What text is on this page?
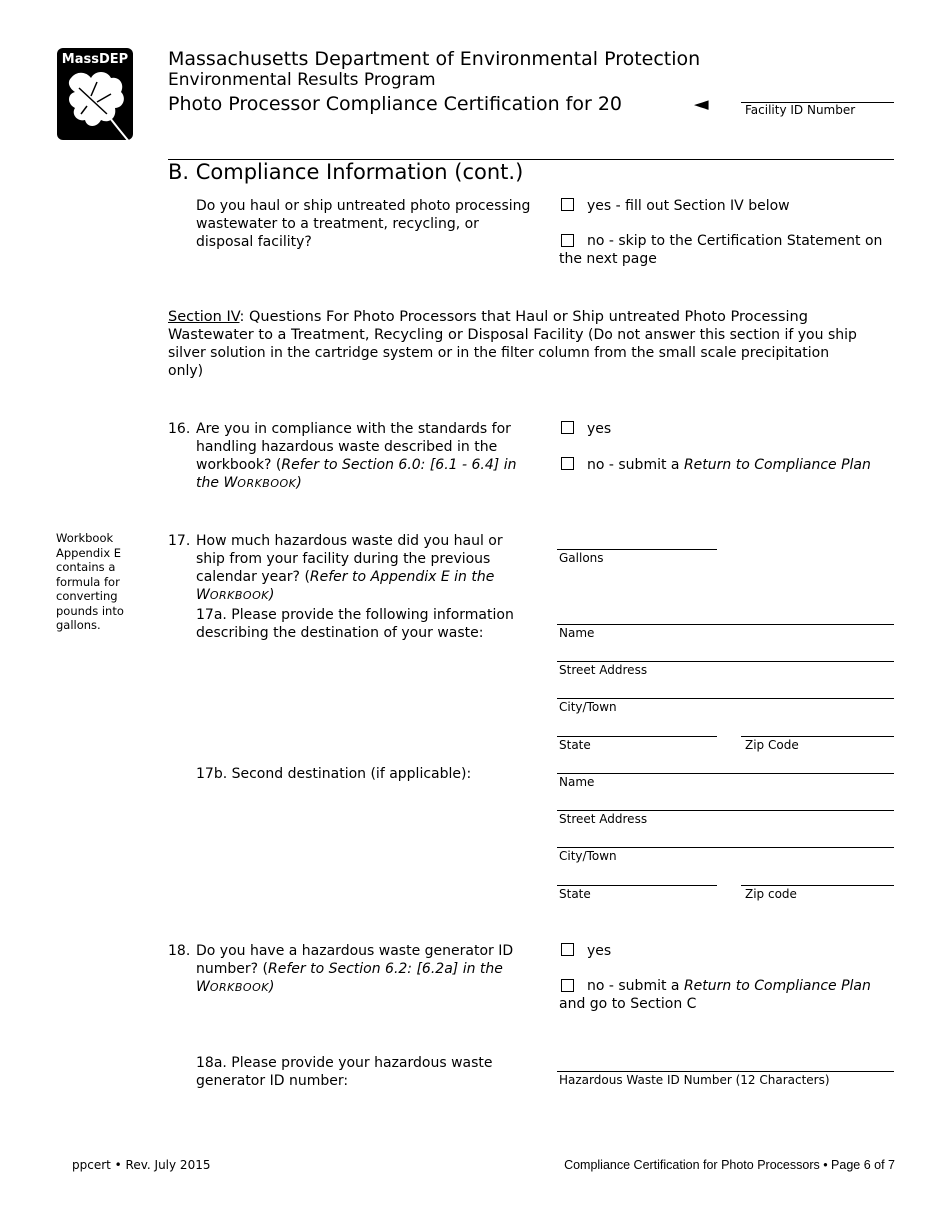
MassDEP Massachusetts Department of Environmental Protection
Environmental Results Program
Photo Processor Compliance Certification for 20	◄	Facility ID Number
B. Compliance Information (cont.)
Do you haul or ship untreated photo processing wastewater to a treatment, recycling, or disposal facility?
yes - fill out Section IV below
no - skip to the Certification Statement on the next page
Section IV: Questions For Photo Processors that Haul or Ship untreated Photo Processing Wastewater to a Treatment, Recycling or Disposal Facility (Do not answer this section if you ship silver solution in the cartridge system or in the filter column from the small scale precipitation only)
16. Are you in compliance with the standards for handling hazardous waste described in the workbook? (Refer to Section 6.0: [6.1 - 6.4] in the WORKBOOK)
yes
no - submit a Return to Compliance Plan
Workbook Appendix E contains a formula for converting pounds into gallons.
17. How much hazardous waste did you haul or ship from your facility during the previous calendar year? (Refer to Appendix E in the WORKBOOK)
Gallons
17a. Please provide the following information describing the destination of your waste:	Name
Street Address
City/Town
State	Zip Code
17b. Second destination (if applicable):	Name
Street Address
City/Town
State	Zip code
18. Do you have a hazardous waste generator ID number? (Refer to Section 6.2: [6.2a] in the WORKBOOK)
yes
no - submit a Return to Compliance Plan and go to Section C
18a. Please provide your hazardous waste generator ID number:	Hazardous Waste ID Number (12 Characters)
ppcert • Rev. July 2015	Compliance Certification for Photo Processors • Page 6 of 7
